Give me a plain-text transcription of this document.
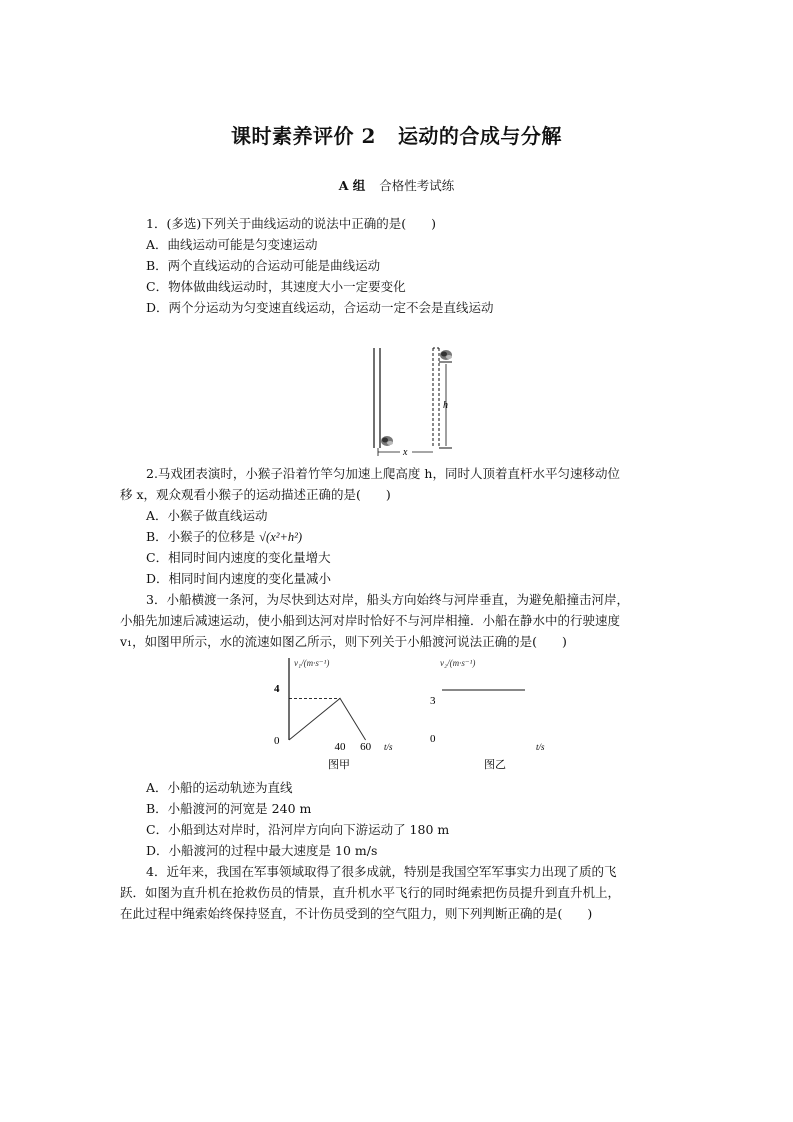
课时素养评价 2 运动的合成与分解
A 组 合格性考试练
1．(多选)下列关于曲线运动的说法中正确的是(　　)
A．曲线运动可能是匀变速运动
B．两个直线运动的合运动可能是曲线运动
C．物体做曲线运动时，其速度大小一定要变化
D．两个分运动为匀变速直线运动，合运动一定不会是直线运动
h
x
2.马戏团表演时，小猴子沿着竹竿匀加速上爬高度 h，同时人顶着直杆水平匀速移动位
移 x，观众观看小猴子的运动描述正确的是(　　)
A．小猴子做直线运动
B．小猴子的位移是 √(x²+h²)
C．相同时间内速度的变化量增大
D．相同时间内速度的变化量减小
3．小船横渡一条河，为尽快到达对岸，船头方向始终与河岸垂直，为避免船撞击河岸，
小船先加速后减速运动，使小船到达河对岸时恰好不与河岸相撞．小船在静水中的行驶速度
v₁，如图甲所示，水的流速如图乙所示，则下列关于小船渡河说法正确的是(　　)
v₁/(m·s⁻¹)
4
0	40 60 t/s
图甲
v₂/(m·s⁻¹)
3
0
t/s
图乙
A．小船的运动轨迹为直线
B．小船渡河的河宽是 240 m
C．小船到达对岸时，沿河岸方向向下游运动了 180 m
D．小船渡河的过程中最大速度是 10 m/s
4．近年来，我国在军事领域取得了很多成就，特别是我国空军军事实力出现了质的飞
跃．如图为直升机在抢救伤员的情景，直升机水平飞行的同时绳索把伤员提升到直升机上，
在此过程中绳索始终保持竖直，不计伤员受到的空气阻力，则下列判断正确的是(　　)
